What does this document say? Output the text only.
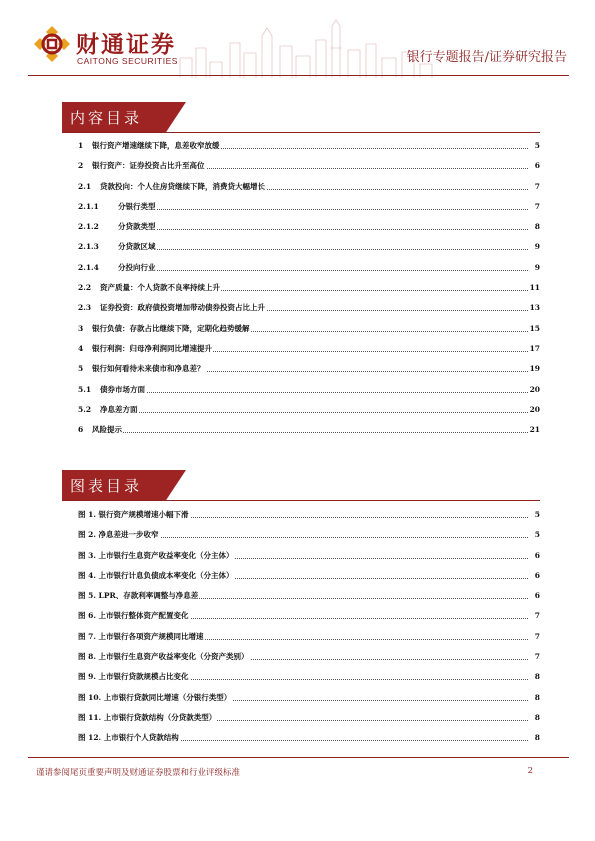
财通证券
CAITONG SECURITIES	银行专题报告/证券研究报告
内容目录
1 银行资产增速继续下降，息差收窄放缓	5
2 银行资产：证券投资占比升至高位	6
2.1 贷款投向：个人住房贷继续下降，消费贷大幅增长	7
2.1.1	分银行类型	7
2.1.2	分贷款类型	8
2.1.3	分贷款区域	9
2.1.4	分投向行业	9
2.2 资产质量：个人贷款不良率持续上升	11
2.3 证券投资：政府债投资增加带动债券投资占比上升	13
3 银行负债：存款占比继续下降，定期化趋势缓解	15
4 银行利润：归母净利润同比增速提升	17
5 银行如何看待未来债市和净息差？	19
5.1 债券市场方面	20
5.2 净息差方面	20
6 风险提示	21
图表目录
图 1. 银行资产规模增速小幅下滑	5
图 2. 净息差进一步收窄	5
图 3. 上市银行生息资产收益率变化（分主体）	6
图 4. 上市银行计息负债成本率变化（分主体）	6
图 5. LPR、存款利率调整与净息差	6
图 6. 上市银行整体资产配置变化	7
图 7. 上市银行各项资产规模同比增速	7
图 8. 上市银行生息资产收益率变化（分资产类别）	7
图 9. 上市银行贷款规模占比变化	8
图 10. 上市银行贷款同比增速（分银行类型）	8
图 11. 上市银行贷款结构（分贷款类型）	8
图 12. 上市银行个人贷款结构	8
谨请参阅尾页重要声明及财通证券股票和行业评级标准	2
